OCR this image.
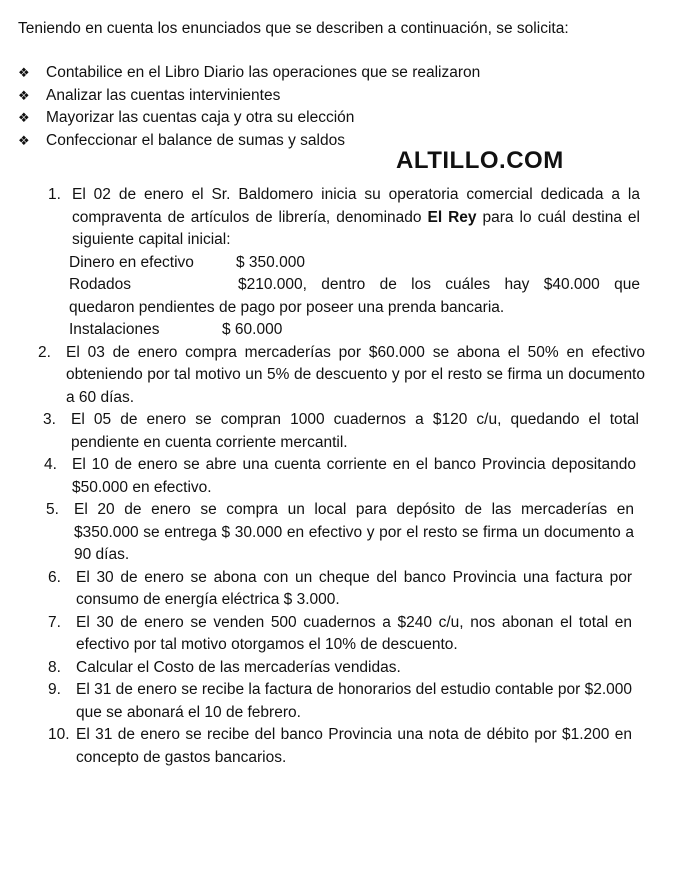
Teniendo en cuenta los enunciados que se describen a continuación, se solicita:
❖ Contabilice en el Libro Diario las operaciones que se realizaron
❖ Analizar las cuentas intervinientes
❖ Mayorizar las cuentas caja y otra su elección
❖ Confeccionar el balance de sumas y saldos
ALTILLO.COM
1. El 02 de enero el Sr. Baldomero inicia su operatoria comercial dedicada a la compraventa de artículos de librería, denominado El Rey para lo cuál destina el siguiente capital inicial:
Dinero en efectivo	$ 350.000
Rodados	$210.000, dentro de los cuáles hay $40.000 que
quedaron pendientes de pago por poseer una prenda bancaria.
Instalaciones	$ 60.000
2. El 03 de enero compra mercaderías por $60.000 se abona el 50% en efectivo obteniendo por tal motivo un 5% de descuento y por el resto se firma un documento a 60 días.
3. El 05 de enero se compran 1000 cuadernos a $120 c/u, quedando el total pendiente en cuenta corriente mercantil.
4. El 10 de enero se abre una cuenta corriente en el banco Provincia depositando $50.000 en efectivo.
5. El 20 de enero se compra un local para depósito de las mercaderías en $350.000 se entrega $ 30.000 en efectivo y por el resto se firma un documento a 90 días.
6. El 30 de enero se abona con un cheque del banco Provincia una factura por consumo de energía eléctrica $ 3.000.
7. El 30 de enero se venden 500 cuadernos a $240 c/u, nos abonan el total en efectivo por tal motivo otorgamos el 10% de descuento.
8. Calcular el Costo de las mercaderías vendidas.
9. El 31 de enero se recibe la factura de honorarios del estudio contable por $2.000 que se abonará el 10 de febrero.
10. El 31 de enero se recibe del banco Provincia una nota de débito por $1.200 en concepto de gastos bancarios.
